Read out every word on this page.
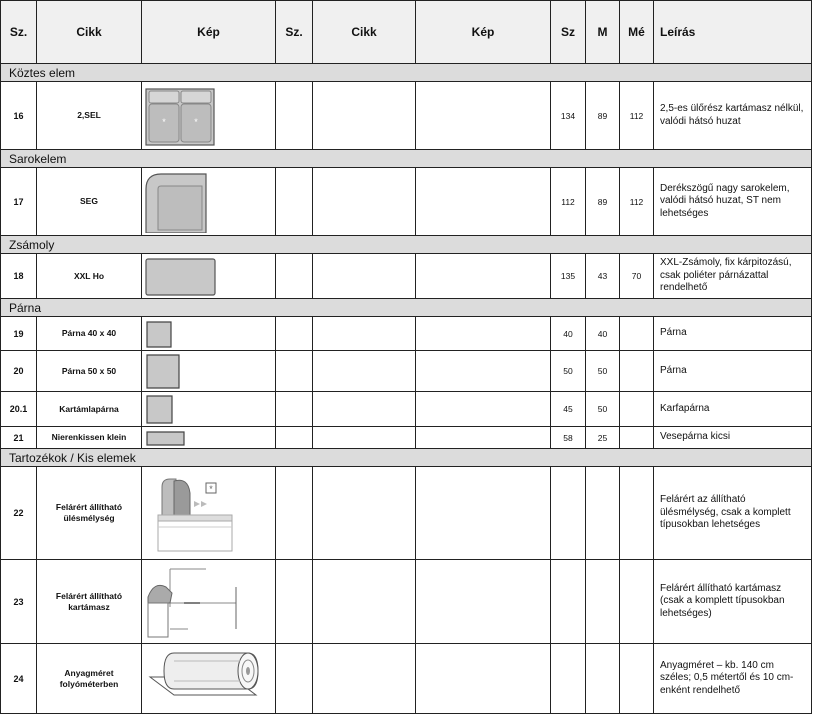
Sz.	Cikk	Kép	Sz.	Cikk	Kép	Sz	M	Mé	Leírás
Köztes elem									
16	2,SEL	* *				134	89	112	2,5-es ülőrész kartámasz nélkül, valódi hátsó huzat
Sarokelem									
17	SEG					112	89	112	Derékszögű nagy sarokelem, valódi hátsó huzat, ST nem lehetséges
Zsámoly									
18	XXL Ho					135	43	70	XXL-Zsámoly, fix kárpitozású, csak poliéter párnázattal rendelhető
Párna									
19	Párna 40 x 40					40	40		Párna
20	Párna 50 x 50					50	50		Párna
20.1	Kartámlapárna					45	50		Karfapárna
21	Nierenkissen klein					58	25		Vesepárna kicsi
Tartozékok / Kis elemek									
22	Felárért állítható ülésmélység	*							Felárért az állítható ülésmélység, csak a komplett típusokban lehetséges
23	Felárért állítható kartámasz								Felárért állítható kartámasz (csak a komplett típusokban lehetséges)
24	Anyagméret folyóméterben								Anyagméret – kb. 140 cm széles; 0,5 métertől és 10 cm-enként rendelhető
